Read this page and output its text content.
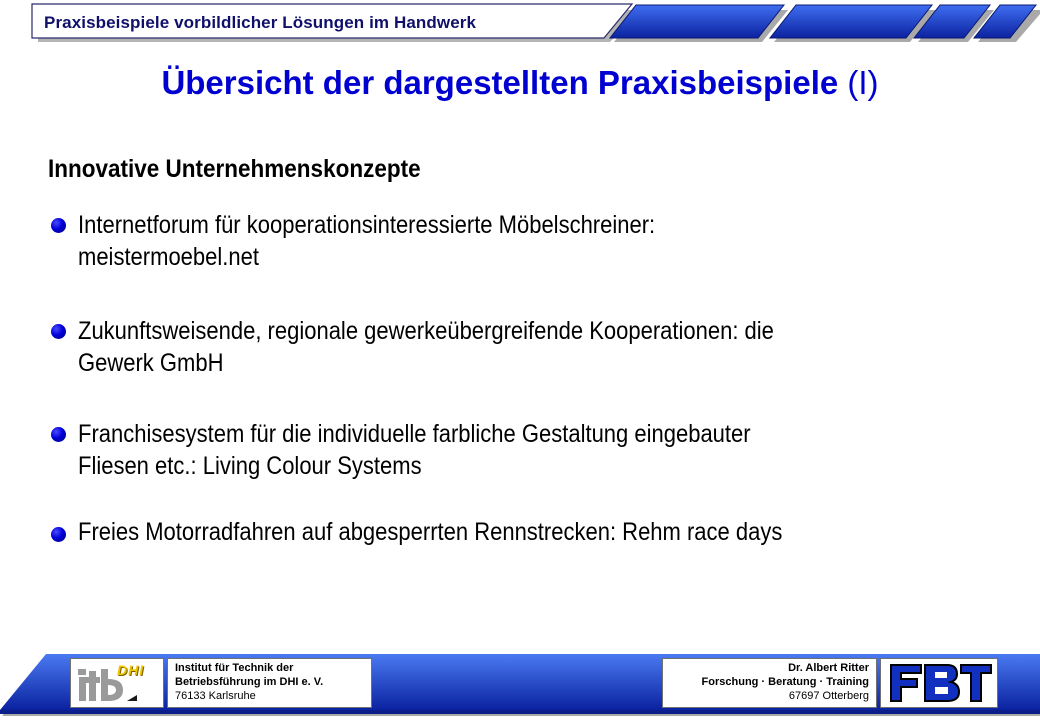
Praxisbeispiele vorbildlicher Lösungen im Handwerk
Übersicht der dargestellten Praxisbeispiele (I)
Innovative Unternehmenskonzepte
Internetforum für kooperationsinteressierte Möbelschreiner:
meistermoebel.net
Zukunftsweisende, regionale gewerkeübergreifende Kooperationen: die
Gewerk GmbH
Franchisesystem für die individuelle farbliche Gestaltung eingebauter
Fliesen etc.: Living Colour Systems
Freies Motorradfahren auf abgesperrten Rennstrecken: Rehm race days
DHI	Institut für Technik der
Betriebsführung im DHI e. V.
76133 Karlsruhe
Dr. Albert Ritter
Forschung · Beratung · Training
67697 Otterberg
